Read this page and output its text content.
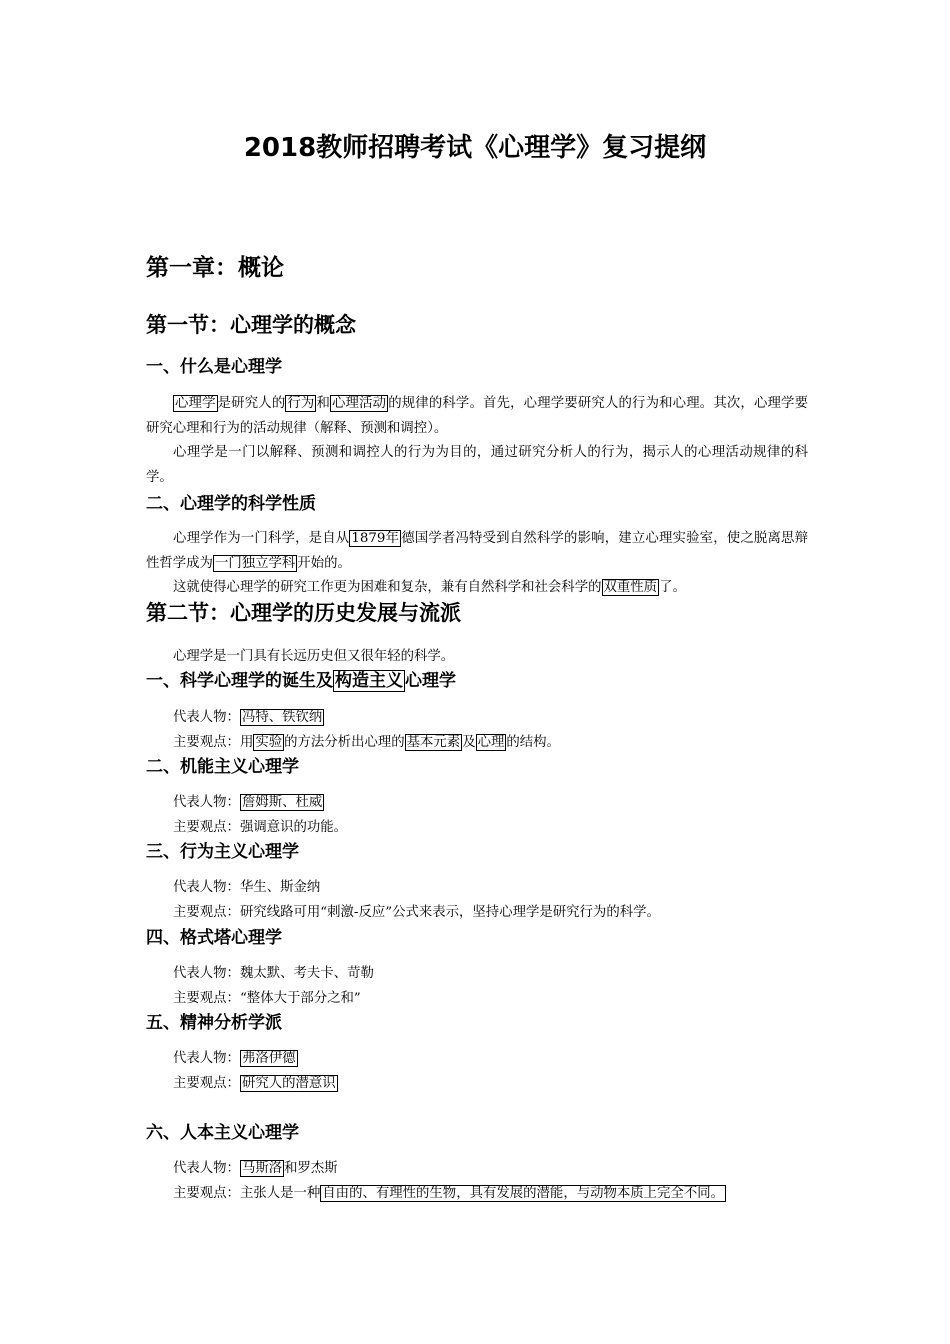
2018教师招聘考试《心理学》复习提纲
第一章：概论
第一节：心理学的概念
一、什么是心理学

心理学 是研究人的 行为 和 心理活动 的规律的科学。首先，心理学要研究人的行为和心理。其次，心理学要研究心理和行为的活动规律（解释、预测和调控）。

心理学是一门以解释、预测和调控人的行为为目的，通过研究分析人的行为，揭示人的心理活动规律的科学。

二、心理学的科学性质

心理学作为一门科学，是自从 1879年 德国学者冯特受到自然科学的影响，建立心理实验室，使之脱离思辩性哲学成为 一门独立学科 开始的。

这就使得心理学的研究工作更为困难和复杂，兼有自然科学和社会科学的 双重性质 了。

第二节：心理学的历史发展与流派

心理学是一门具有长远历史但又很年轻的科学。

一、科学心理学的诞生及 构造主义 心理学

代表人物： 冯特、铁钦纳

主要观点：用 实验 的方法分析出心理的 基本元素 及 心理 的结构。

二、机能主义心理学

代表人物： 詹姆斯、杜威

主要观点：强调意识的功能。

三、行为主义心理学

代表人物：华生、斯金纳

主要观点：研究线路可用“刺激-反应”公式来表示，坚持心理学是研究行为的科学。

四、格式塔心理学

代表人物：魏太默、考夫卡、苛勒

主要观点：“整体大于部分之和”

五、精神分析学派

代表人物： 弗洛伊德

主要观点： 研究人的潜意识

六、人本主义心理学

代表人物： 马斯洛 和罗杰斯

主要观点：主张人是一种 自由的、有理性的生物，具有发展的潜能，与动物本质上完全不同。
